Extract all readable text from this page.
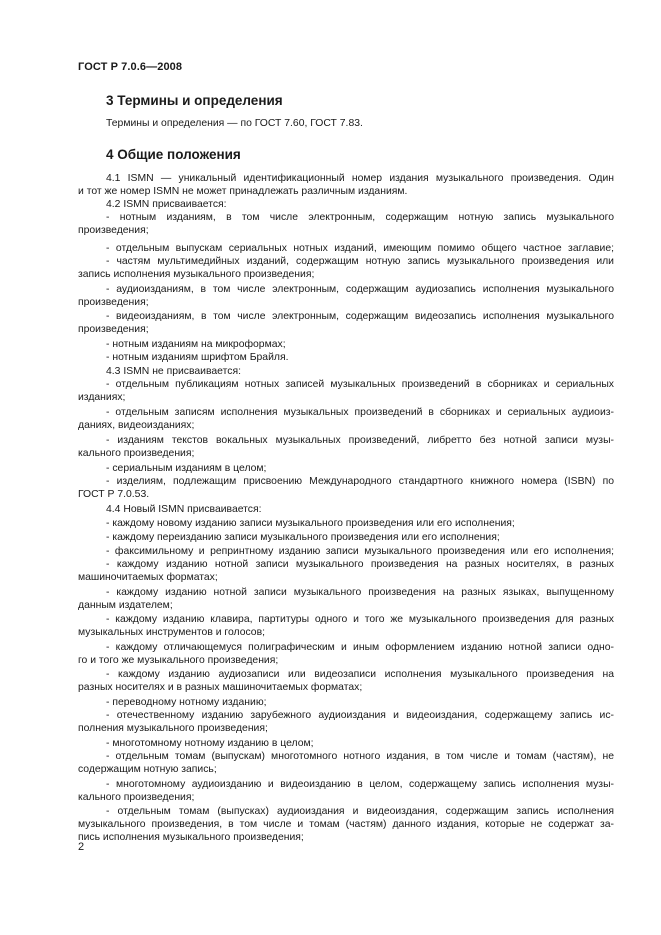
ГОСТ Р 7.0.6—2008
3 Термины и определения
Термины и определения — по ГОСТ 7.60, ГОСТ 7.83.
4 Общие положения
4.1 ISMN — уникальный идентификационный номер издания музыкального произведения. Один
и тот же номер ISMN не может принадлежать различным изданиям.
4.2 ISMN присваивается:
- нотным изданиям, в том числе электронным, содержащим нотную запись музыкального
произведения;
- отдельным выпускам сериальных нотных изданий, имеющим помимо общего частное заглавие;
- частям мультимедийных изданий, содержащим нотную запись музыкального произведения или
запись исполнения музыкального произведения;
- аудиоизданиям, в том числе электронным, содержащим аудиозапись исполнения музыкального
произведения;
- видеоизданиям, в том числе электронным, содержащим видеозапись исполнения музыкального
произведения;
- нотным изданиям на микроформах;
- нотным изданиям шрифтом Брайля.
4.3 ISMN не присваивается:
- отдельным публикациям нотных записей музыкальных произведений в сборниках и сериальных
изданиях;
- отдельным записям исполнения музыкальных произведений в сборниках и сериальных аудиоиз-
даниях, видеоизданиях;
- изданиям текстов вокальных музыкальных произведений, либретто без нотной записи музы-
кального произведения;
- сериальным изданиям в целом;
- изделиям, подлежащим присвоению Международного стандартного книжного номера (ISBN) по
ГОСТ Р 7.0.53.
4.4 Новый ISMN присваивается:
- каждому новому изданию записи музыкального произведения или его исполнения;
- каждому переизданию записи музыкального произведения или его исполнения;
- факсимильному и репринтному изданию записи музыкального произведения или его исполнения;
- каждому изданию нотной записи музыкального произведения на разных носителях, в разных
машиночитаемых форматах;
- каждому изданию нотной записи музыкального произведения на разных языках, выпущенному
данным издателем;
- каждому изданию клавира, партитуры одного и того же музыкального произведения для разных
музыкальных инструментов и голосов;
- каждому отличающемуся полиграфическим и иным оформлением изданию нотной записи одно-
го и того же музыкального произведения;
- каждому изданию аудиозаписи или видеозаписи исполнения музыкального произведения на
разных носителях и в разных машиночитаемых форматах;
- переводному нотному изданию;
- отечественному изданию зарубежного аудиоиздания и видеоиздания, содержащему запись ис-
полнения музыкального произведения;
- многотомному нотному изданию в целом;
- отдельным томам (выпускам) многотомного нотного издания, в том числе и томам (частям), не
содержащим нотную запись;
- многотомному аудиоизданию и видеоизданию в целом, содержащему запись исполнения музы-
кального произведения;
- отдельным томам (выпусках) аудиоиздания и видеоиздания, содержащим запись исполнения
музыкального произведения, в том числе и томам (частям) данного издания, которые не содержат за-
пись исполнения музыкального произведения;
2
